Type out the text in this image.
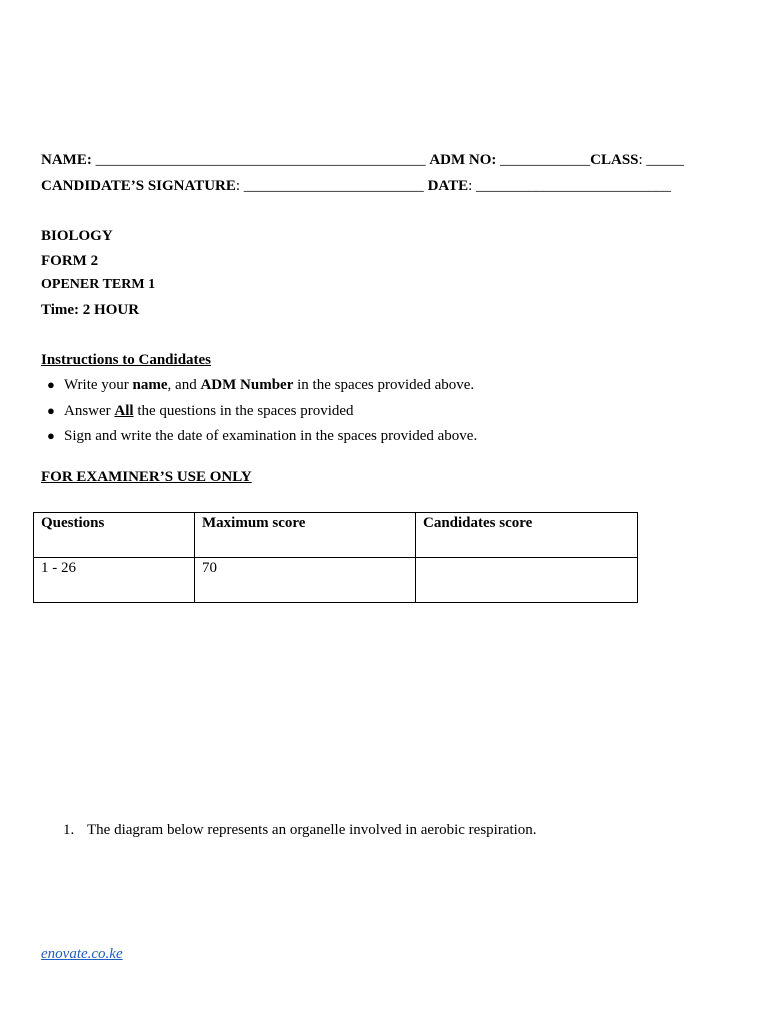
NAME: ____________________________________________ ADM NO: ____________CLASS: _____
CANDIDATE’S SIGNATURE: ________________________ DATE: __________________________
BIOLOGY
FORM 2
OPENER TERM 1
Time: 2 HOUR
Instructions to Candidates
● Write your name, and ADM Number in the spaces provided above.
● Answer All the questions in the spaces provided
● Sign and write the date of examination in the spaces provided above.
FOR EXAMINER’S USE ONLY
Questions	Maximum score	Candidates score
1 - 26	70	
1. The diagram below represents an organelle involved in aerobic respiration.
enovate.co.ke
